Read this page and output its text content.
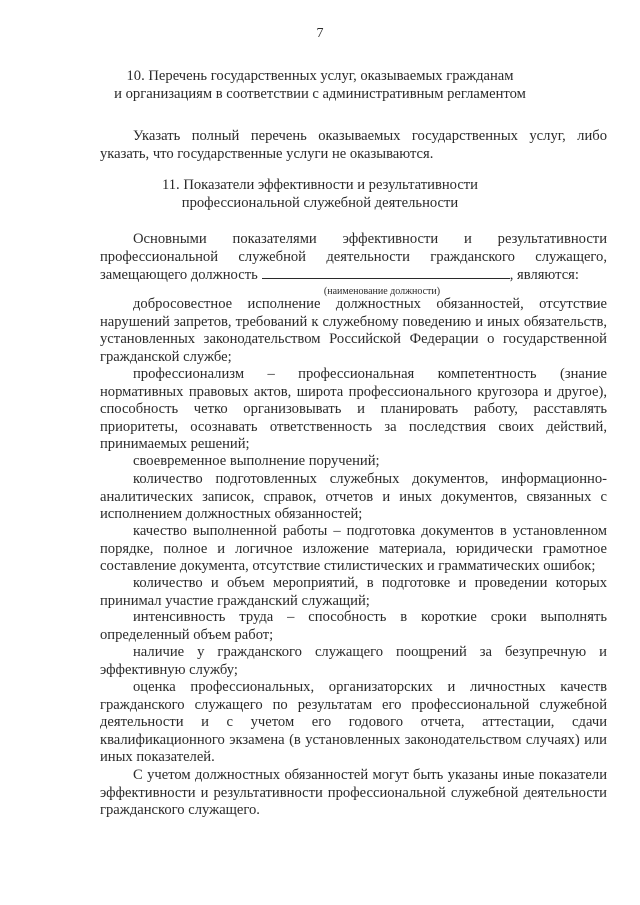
7
10. Перечень государственных услуг, оказываемых гражданам
и организациям в соответствии с административным регламентом
Указать полный перечень оказываемых государственных услуг, либо указать, что государственные услуги не оказываются.
11. Показатели эффективности и результативности
профессиональной служебной деятельности
Основными показателями эффективности и результативности профессиональной служебной деятельности гражданского служащего,
замещающего должность	, являются:
(наименование должности)
добросовестное исполнение должностных обязанностей, отсутствие нарушений запретов, требований к служебному поведению и иных обязательств, установленных законодательством Российской Федерации о государственной гражданской службе;
профессионализм – профессиональная компетентность (знание нормативных правовых актов, широта профессионального кругозора и другое), способность четко организовывать и планировать работу, расставлять приоритеты, осознавать ответственность за последствия своих действий, принимаемых решений;
своевременное выполнение поручений;
количество подготовленных служебных документов, информационно-аналитических записок, справок, отчетов и иных документов, связанных с исполнением должностных обязанностей;
качество выполненной работы – подготовка документов в установленном порядке, полное и логичное изложение материала, юридически грамотное составление документа, отсутствие стилистических и грамматических ошибок;
количество и объем мероприятий, в подготовке и проведении которых принимал участие гражданский служащий;
интенсивность труда – способность в короткие сроки выполнять определенный объем работ;
наличие у гражданского служащего поощрений за безупречную и эффективную службу;
оценка профессиональных, организаторских и личностных качеств гражданского служащего по результатам его профессиональной служебной деятельности и с учетом его годового отчета, аттестации, сдачи квалификационного экзамена (в установленных законодательством случаях) или иных показателей.
С учетом должностных обязанностей могут быть указаны иные показатели эффективности и результативности профессиональной служебной деятельности гражданского служащего.
